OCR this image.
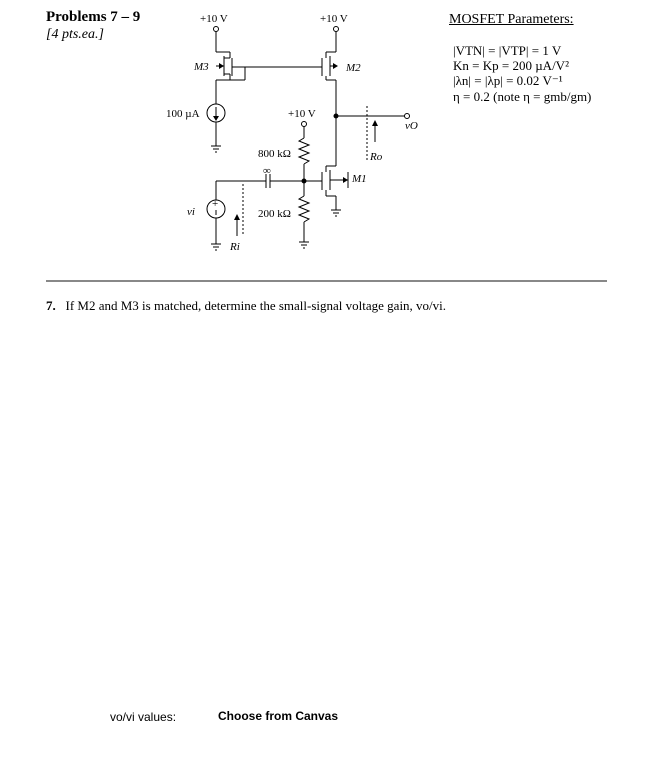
Problems 7 – 9
[4 pts.ea.]
MOSFET Parameters:
|VTN| = |VTP| = 1 V
Kn = Kp = 200 µA/V²
|λn| = |λp| = 0.02 V⁻¹
η = 0.2 (note η = gmb/gm)
+10 V
M3
100 µA
+10 V
M2
vO
Ro
M1
+10 V
800 kΩ
200 kΩ
∞
+
vi
Ri
7. If M2 and M3 is matched, determine the small-signal voltage gain, vo/vi.
vo/vi values:	Choose from Canvas
